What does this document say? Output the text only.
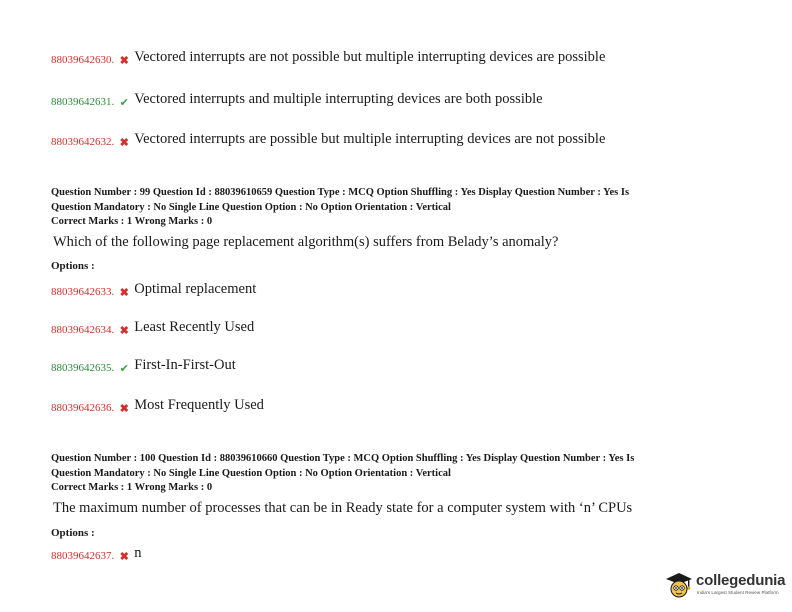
88039642630. ✖ Vectored interrupts are not possible but multiple interrupting devices are possible
88039642631. ✔ Vectored interrupts and multiple interrupting devices are both possible
88039642632. ✖ Vectored interrupts are possible but multiple interrupting devices are not possible
Question Number : 99 Question Id : 88039610659 Question Type : MCQ Option Shuffling : Yes Display Question Number : Yes Is
Question Mandatory : No Single Line Question Option : No Option Orientation : Vertical
Correct Marks : 1 Wrong Marks : 0
Which of the following page replacement algorithm(s) suffers from Belady’s anomaly?
Options :
88039642633. ✖ Optimal replacement
88039642634. ✖ Least Recently Used
88039642635. ✔ First-In-First-Out
88039642636. ✖ Most Frequently Used
Question Number : 100 Question Id : 88039610660 Question Type : MCQ Option Shuffling : Yes Display Question Number : Yes Is
Question Mandatory : No Single Line Question Option : No Option Orientation : Vertical
Correct Marks : 1 Wrong Marks : 0
The maximum number of processes that can be in Ready state for a computer system with ‘n’ CPUs
Options :
88039642637. ✖ n
collegedunia
India's Largest Student Review Platform
